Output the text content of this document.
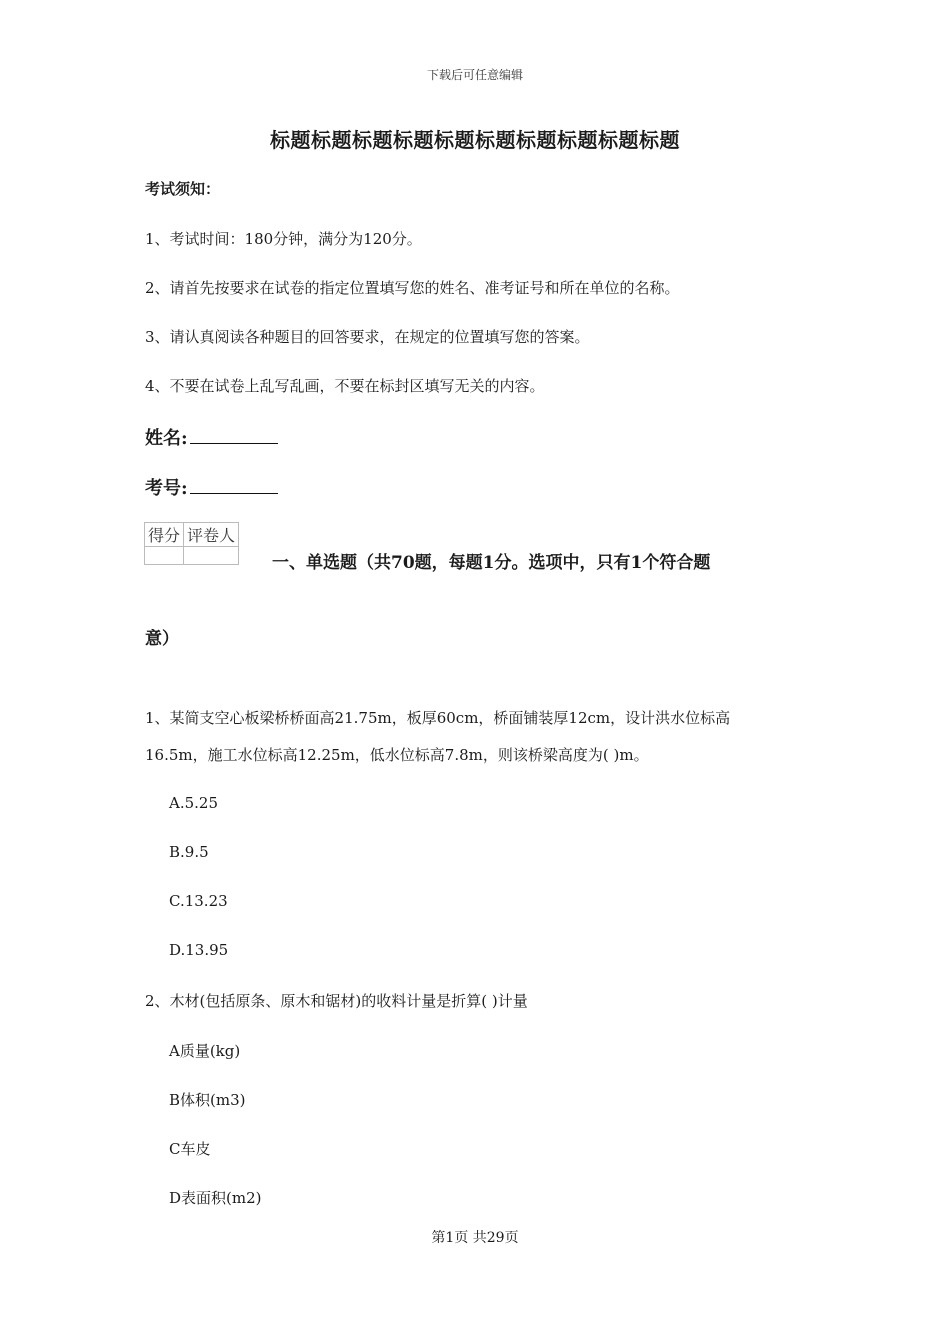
下载后可任意编辑
标题标题标题标题标题标题标题标题标题标题
考试须知：
1、考试时间：180分钟，满分为120分。
2、请首先按要求在试卷的指定位置填写您的姓名、准考证号和所在单位的名称。
3、请认真阅读各种题目的回答要求，在规定的位置填写您的答案。
4、不要在试卷上乱写乱画，不要在标封区填写无关的内容。
姓名:
考号:
得分	评卷人

一、单选题（共70题，每题1分。选项中，只有1个符合题
意）
1、某简支空心板梁桥桥面高21.75m，板厚60cm，桥面铺装厚12cm，设计洪水位标高
16.5m，施工水位标高12.25m，低水位标高7.8m，则该桥梁高度为( )m。
A.5.25
B.9.5
C.13.23
D.13.95
2、木材(包括原条、原木和锯材)的收料计量是折算( )计量
A质量(kg)
B体积(m3)
C车皮
D表面积(m2)
第1页 共29页
